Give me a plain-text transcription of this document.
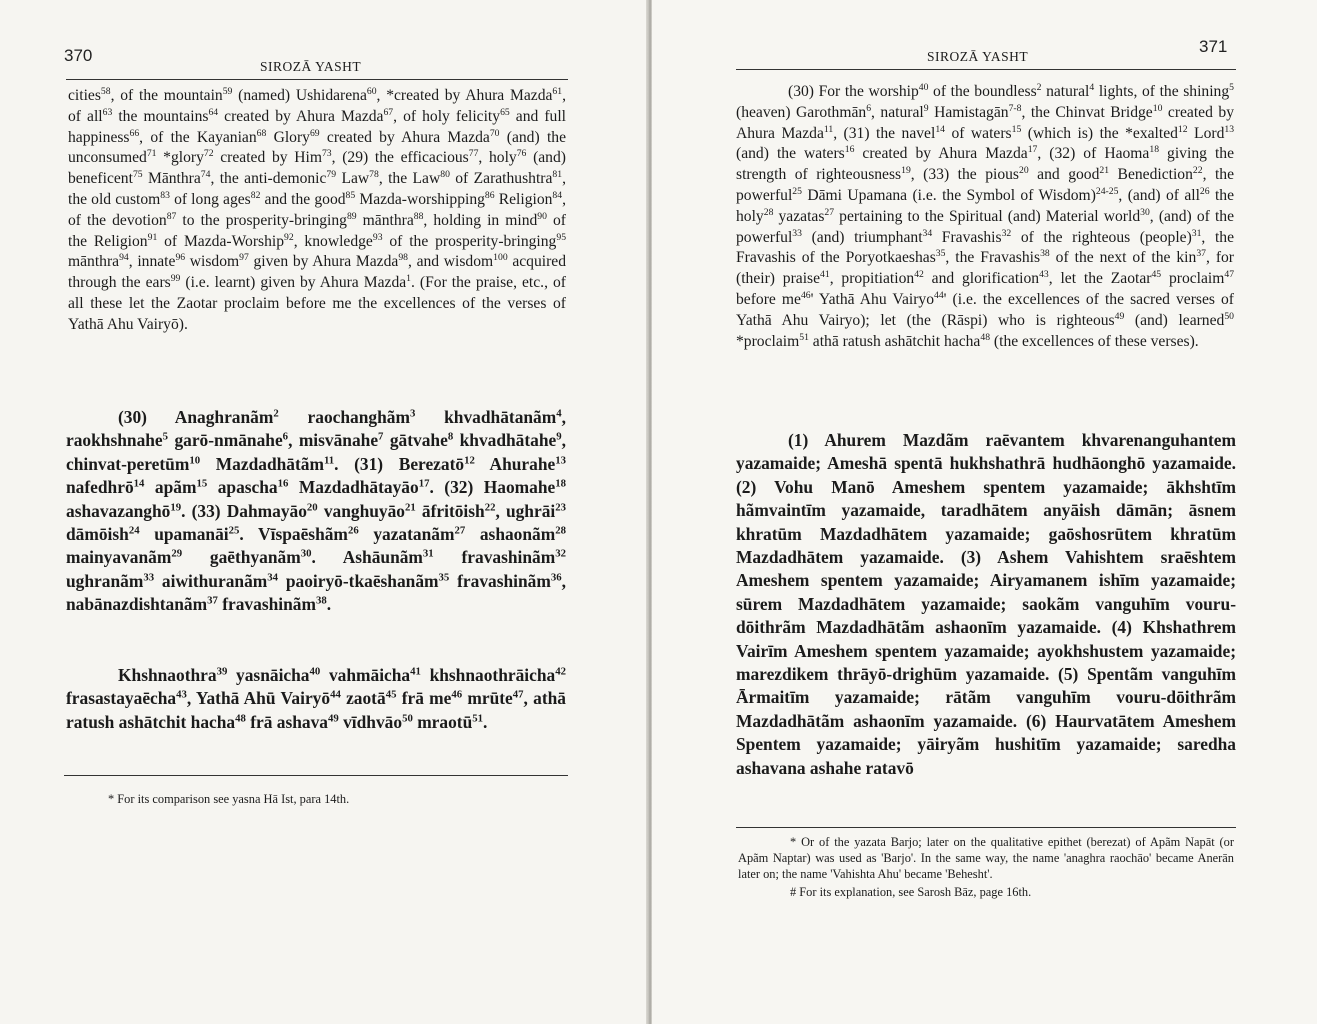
370
SIROZĀ YASHT

cities$^{58}$, of the mountain$^{59}$ (named) Ushidarena$^{60}$, *created by Ahura Mazda$^{61}$, of all$^{63}$ the mountains$^{64}$ created by Ahura Mazda$^{67}$, of holy felicity$^{65}$ and full happiness$^{66}$, of the Kayanian$^{68}$ Glory$^{69}$ created by Ahura Mazda$^{70}$ (and) the unconsumed$^{71}$ *glory$^{72}$ created by Him$^{73}$, (29) the efficacious$^{77}$, holy$^{76}$ (and) beneficent$^{75}$ Mānthra$^{74}$, the anti-demonic$^{79}$ Law$^{78}$, the Law$^{80}$ of Zarathushtra$^{81}$, the old custom$^{83}$ of long ages$^{82}$ and the good$^{85}$ Mazda-worshipping$^{86}$ Religion$^{84}$, of the devotion$^{87}$ to the prosperity-bringing$^{89}$ mānthra$^{88}$, holding in mind$^{90}$ of the Religion$^{91}$ of Mazda-Worship$^{92}$, knowledge$^{93}$ of the prosperity-bringing$^{95}$ mānthra$^{94}$, innate$^{96}$ wisdom$^{97}$ given by Ahura Mazda$^{98}$, and wisdom$^{100}$ acquired through the ears$^{99}$ (i.e. learnt) given by Ahura Mazda$^1$. (For the praise, etc., of all these let the Zaotar proclaim before me the excellences of the verses of Yathā Ahu Vairyō).

(30) Anaghranãm$^2$ raochanghãm$^3$ khvadhātanãm$^4$, raokhshnahe$^5$ garō-nmānahe$^6$, misvānahe$^7$ gātvahe$^8$ khvadhātahe$^9$, chinvat-peretūm$^{10}$ Mazdadhātãm$^{11}$. (31) Berezatō$^{12}$ Ahurahe$^{13}$ nafedhrō$^{14}$ apãm$^{15}$ apascha$^{16}$ Mazdadhātayāo$^{17}$. (32) Haomahe$^{18}$ ashavazanghō$^{19}$. (33) Dahmayāo$^{20}$ vanghuyāo$^{21}$ āfritōish$^{22}$, ughrāi$^{23}$ dāmōish$^{24}$ upamanāi$^{25}$. Vīspaēshãm$^{26}$ yazatanãm$^{27}$ ashaonãm$^{28}$ mainyavanãm$^{29}$ gaēthyanãm$^{30}$. Ashāunãm$^{31}$ fravashinãm$^{32}$ ughranãm$^{33}$ aiwithuranãm$^{34}$ paoiryō-tkaēshanãm$^{35}$ fravashinãm$^{36}$, nabānazdishtanãm$^{37}$ fravashinãm$^{38}$.

Khshnaothra$^{39}$ yasnāicha$^{40}$ vahmāicha$^{41}$ khshnaothrāicha$^{42}$ frasastayaēcha$^{43}$, Yathā Ahū Vairyō$^{44}$ zaotā$^{45}$ frā $me^{46}$ mrūte$^{47}$, athā ratush ashātchit hacha$^{48}$ frā ashava$^{49}$ vīdhvāo$^{50}$ mraotū$^{51}$.

* For its comparison see yasna Hā Ist, para 14th.

371
SIROZĀ YASHT

(30) For the worship$^{40}$ of the boundless$^2$ natural$^4$ lights, of the shining$^5$ (heaven) Garothmān$^6$, natural$^9$ Hamistagān$^{7-8}$, the Chinvat Bridge$^{10}$ created by Ahura Mazda$^{11}$, (31) the navel$^{14}$ of waters$^{15}$ (which is) the *exalted$^{12}$ Lord$^{13}$ (and) the waters$^{16}$ created by Ahura Mazda$^{17}$, (32) of Haoma$^{18}$ giving the strength of righteousness$^{19}$, (33) the pious$^{20}$ and good$^{21}$ Benediction$^{22}$, the powerful$^{25}$ Dāmi Upamana (i.e. the Symbol of Wisdom)$^{24-25}$, (and) of all$^{26}$ the holy$^{28}$ yazatas$^{27}$ pertaining to the Spiritual (and) Material world$^{30}$, (and) of the powerful$^{33}$ (and) triumphant$^{34}$ Fravashis$^{32}$ of the righteous (people)$^{31}$, the Fravashis of the Poryotkaeshas$^{35}$, the Fravashis$^{38}$ of the next of the kin$^{37}$, for (their) praise$^{41}$, propitiation$^{42}$ and glorification$^{43}$, let the Zaotar$^{45}$ proclaim$^{47}$ before $me^{46}'$ Yathā Ahu Vairyo$^{44}$' (i.e. the excellences of the sacred verses of Yathā Ahu Vairyo); let (the (Rāspi) who is righteous$^{49}$ (and) learned$^{50}$ *proclaim$^{51}$ athā ratush ashātchit hacha$^{48}$ (the excellences of these verses).

(1) Ahurem Mazdãm raēvantem khvarenanguhantem yazamaide; Ameshā spentā hukhshathrā hudhāonghō yazamaide. (2) Vohu Manō Ameshem spentem yazamaide; ākhshtīm hãmvaintīm yazamaide, taradhātem anyāish dāmān; āsnem khratūm Mazdadhātem yazamaide; gaōshosrūtem khratūm Mazdadhātem yazamaide. (3) Ashem Vahishtem sraēshtem Ameshem spentem yazamaide; Airyamanem ishīm yazamaide; sūrem Mazdadhātem yazamaide; saokãm vanguhīm vouru-dōithrãm Mazdadhātãm ashaonīm yazamaide. (4) Khshathrem Vairīm Ameshem spentem yazamaide; ayokhshustem yazamaide; marezdikem thrāyō-drighūm yazamaide. (5) Spentãm vanguhīm Ārmaitīm yazamaide; rātãm vanguhīm vouru-dōithrãm Mazdadhātãm ashaonīm yazamaide. (6) Haurvatātem Ameshem Spentem yazamaide; yāiryãm hushitīm yazamaide; saredha ashavana ashahe ratavō

* Or of the yazata Barjo; later on the qualitative epithet (berezat) of Apãm Napāt (or Apãm Naptar) was used as 'Barjo'. In the same way, the name 'anaghra raochāo' became Anerān later on; the name 'Vahishta Ahu' became 'Behesht'.

# For its explanation, see Sarosh Bāz, page 16th.
